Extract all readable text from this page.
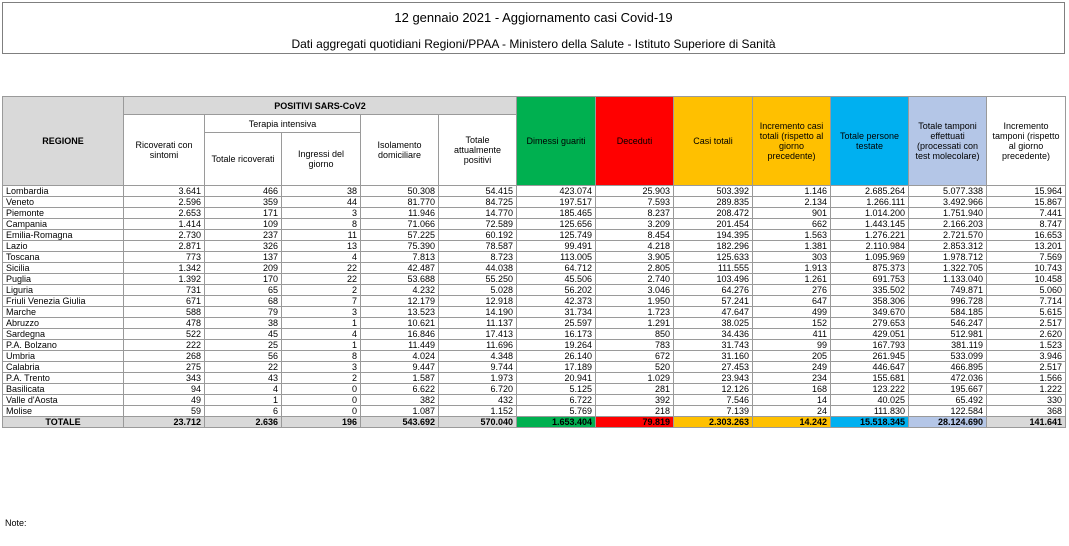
12 gennaio 2021 - Aggiornamento casi Covid-19
Dati aggregati quotidiani Regioni/PPAA - Ministero della Salute - Istituto Superiore di Sanità
REGIONE	POSITIVI SARS-CoV2					Dimessi guariti	Deceduti	Casi totali	Incremento casi totali (rispetto al giorno precedente)	Totale persone testate	Totale tamponi effettuati (processati con test molecolare)	Incremento tamponi (rispetto al giorno precedente)
	Ricoverati con sintomi	Terapia intensiva		Isolamento domiciliare	Totale attualmente positivi							
		Totale ricoverati	Ingressi del giorno									
Lombardia	3.641	466	38	50.308	54.415	423.074	25.903	503.392	1.146	2.685.264	5.077.338	15.964
Veneto	2.596	359	44	81.770	84.725	197.517	7.593	289.835	2.134	1.266.111	3.492.966	15.867
Piemonte	2.653	171	3	11.946	14.770	185.465	8.237	208.472	901	1.014.200	1.751.940	7.441
Campania	1.414	109	8	71.066	72.589	125.656	3.209	201.454	662	1.443.145	2.166.203	8.747
Emilia-Romagna	2.730	237	11	57.225	60.192	125.749	8.454	194.395	1.563	1.276.221	2.721.570	16.653
Lazio	2.871	326	13	75.390	78.587	99.491	4.218	182.296	1.381	2.110.984	2.853.312	13.201
Toscana	773	137	4	7.813	8.723	113.005	3.905	125.633	303	1.095.969	1.978.712	7.569
Sicilia	1.342	209	22	42.487	44.038	64.712	2.805	111.555	1.913	875.373	1.322.705	10.743
Puglia	1.392	170	22	53.688	55.250	45.506	2.740	103.496	1.261	691.753	1.133.040	10.458
Liguria	731	65	2	4.232	5.028	56.202	3.046	64.276	276	335.502	749.871	5.060
Friuli Venezia Giulia	671	68	7	12.179	12.918	42.373	1.950	57.241	647	358.306	996.728	7.714
Marche	588	79	3	13.523	14.190	31.734	1.723	47.647	499	349.670	584.185	5.615
Abruzzo	478	38	1	10.621	11.137	25.597	1.291	38.025	152	279.653	546.247	2.517
Sardegna	522	45	4	16.846	17.413	16.173	850	34.436	411	429.051	512.981	2.620
P.A. Bolzano	222	25	1	11.449	11.696	19.264	783	31.743	99	167.793	381.119	1.523
Umbria	268	56	8	4.024	4.348	26.140	672	31.160	205	261.945	533.099	3.946
Calabria	275	22	3	9.447	9.744	17.189	520	27.453	249	446.647	466.895	2.517
P.A. Trento	343	43	2	1.587	1.973	20.941	1.029	23.943	234	155.681	472.036	1.566
Basilicata	94	4	0	6.622	6.720	5.125	281	12.126	168	123.222	195.667	1.222
Valle d'Aosta	49	1	0	382	432	6.722	392	7.546	14	40.025	65.492	330
Molise	59	6	0	1.087	1.152	5.769	218	7.139	24	111.830	122.584	368
TOTALE	23.712	2.636	196	543.692	570.040	1.653.404	79.819	2.303.263	14.242	15.518.345	28.124.690	141.641
Note:
